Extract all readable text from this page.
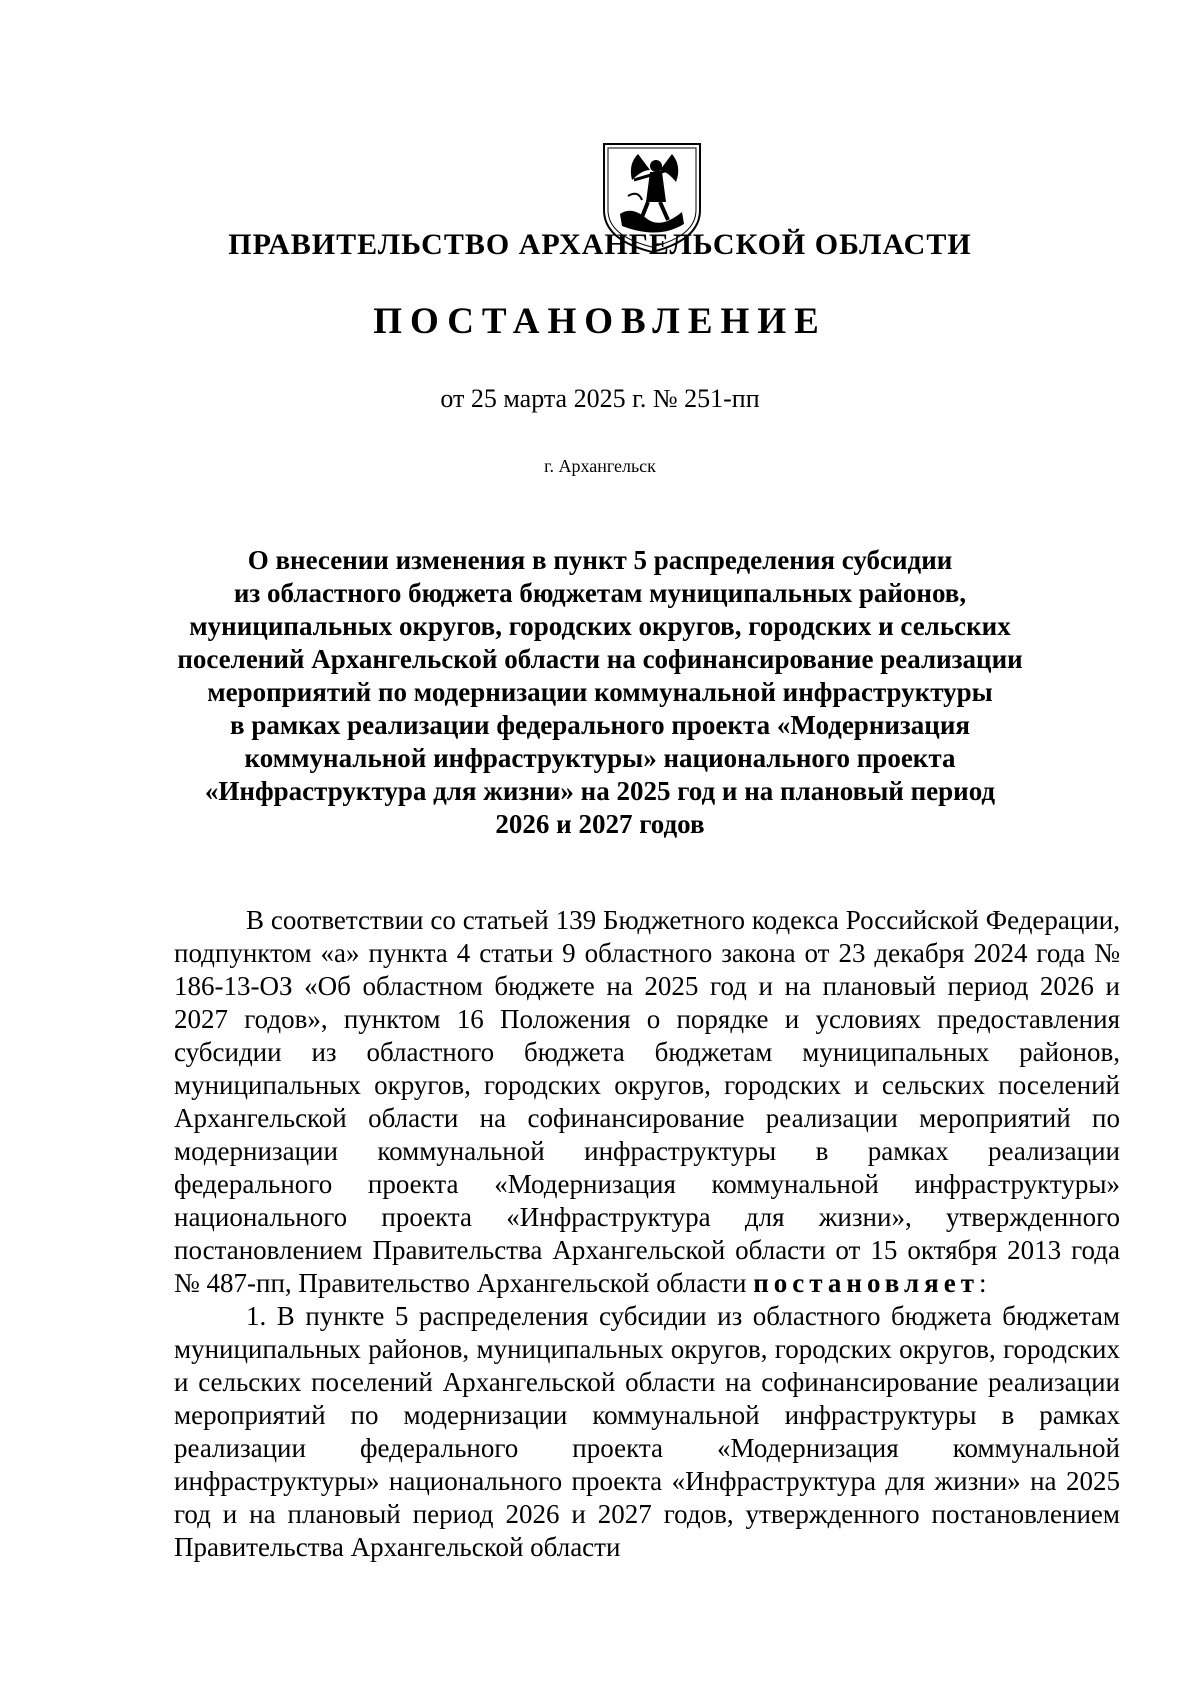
ПРАВИТЕЛЬСТВО АРХАНГЕЛЬСКОЙ ОБЛАСТИ
ПОСТАНОВЛЕНИЕ
от 25 марта 2025 г. № 251-пп
г. Архангельск
О внесении изменения в пункт 5 распределения субсидии
из областного бюджета бюджетам муниципальных районов,
муниципальных округов, городских округов, городских и сельских
поселений Архангельской области на софинансирование реализации
мероприятий по модернизации коммунальной инфраструктуры
в рамках реализации федерального проекта «Модернизация
коммунальной инфраструктуры» национального проекта
«Инфраструктура для жизни» на 2025 год и на плановый период
2026 и 2027 годов

В соответствии со статьей 139 Бюджетного кодекса Российской Федерации, подпунктом «а» пункта 4 статьи 9 областного закона от 23 декабря 2024 года № 186-13-ОЗ «Об областном бюджете на 2025 год и на плановый период 2026 и 2027 годов», пунктом 16 Положения о порядке и условиях предоставления субсидии из областного бюджета бюджетам муниципальных районов, муниципальных округов, городских округов, городских и сельских поселений Архангельской области на софинансирование реализации мероприятий по модернизации коммунальной инфраструктуры в рамках реализации федерального проекта «Модернизация коммунальной инфраструктуры» национального проекта «Инфраструктура для жизни», утвержденного постановлением Правительства Архангельской области от 15 октября 2013 года № 487-пп, Правительство Архангельской области постановляет:

1. В пункте 5 распределения субсидии из областного бюджета бюджетам муниципальных районов, муниципальных округов, городских округов, городских и сельских поселений Архангельской области на софинансирование реализации мероприятий по модернизации коммунальной инфраструктуры в рамках реализации федерального проекта «Модернизация коммунальной инфраструктуры» национального проекта «Инфраструктура для жизни» на 2025 год и на плановый период 2026 и 2027 годов, утвержденного постановлением Правительства Архангельской области
